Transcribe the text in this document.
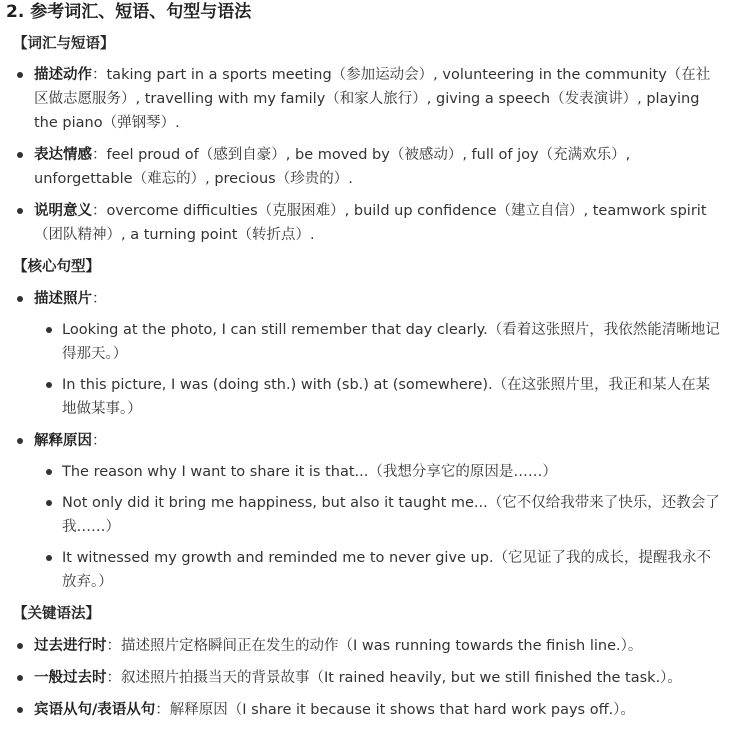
2. 参考词汇、短语、句型与语法
【词汇与短语】
描述动作：taking part in a sports meeting（参加运动会）, volunteering in the community（在社区做志愿服务）, travelling with my family（和家人旅行）, giving a speech（发表演讲）, playing the piano（弹钢琴）.
表达情感：feel proud of（感到自豪）, be moved by（被感动）, full of joy（充满欢乐）, unforgettable（难忘的）, precious（珍贵的）.
说明意义：overcome difficulties（克服困难）, build up confidence（建立自信）, teamwork spirit（团队精神）, a turning point（转折点）.
【核心句型】
描述照片：
Looking at the photo, I can still remember that day clearly.（看着这张照片，我依然能清晰地记得那天。）
In this picture, I was (doing sth.) with (sb.) at (somewhere).（在这张照片里，我正和某人在某地做某事。）
解释原因：
The reason why I want to share it is that...（我想分享它的原因是……）
Not only did it bring me happiness, but also it taught me...（它不仅给我带来了快乐，还教会了我……）
It witnessed my growth and reminded me to never give up.（它见证了我的成长，提醒我永不放弃。）
【关键语法】
过去进行时：描述照片定格瞬间正在发生的动作（I was running towards the finish line.）。
一般过去时：叙述照片拍摄当天的背景故事（It rained heavily, but we still finished the task.）。
宾语从句/表语从句：解释原因（I share it because it shows that hard work pays off.）。
